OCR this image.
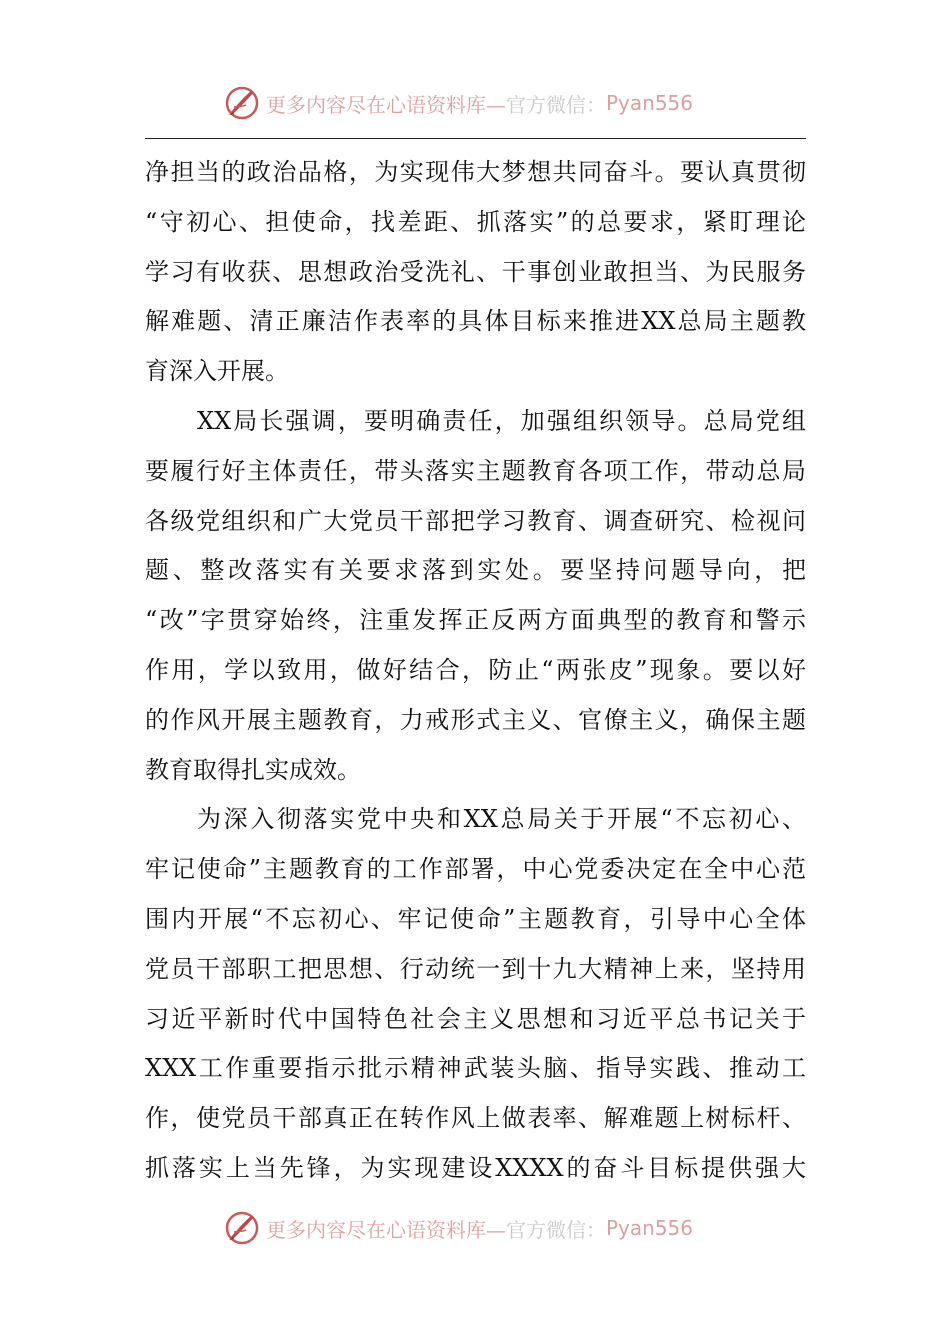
更多内容尽在心语资料库— 官方微信： Pyan556
净担当的政治品格，为实现伟大梦想共同奋斗。要认真贯彻
“守初心、担使命，找差距、抓落实”的总要求，紧盯理论
学习有收获、思想政治受洗礼、干事创业敢担当、为民服务
解难题、清正廉洁作表率的具体目标来推进XX总局主题教
育深入开展。
XX局长强调，要明确责任，加强组织领导。总局党组
要履行好主体责任，带头落实主题教育各项工作，带动总局
各级党组织和广大党员干部把学习教育、调查研究、检视问
题、整改落实有关要求落到实处。要坚持问题导向，把
“改”字贯穿始终，注重发挥正反两方面典型的教育和警示
作用，学以致用，做好结合，防止“两张皮”现象。要以好
的作风开展主题教育，力戒形式主义、官僚主义，确保主题
教育取得扎实成效。
为深入彻落实党中央和XX总局关于开展“不忘初心、
牢记使命”主题教育的工作部署，中心党委决定在全中心范
围内开展“不忘初心、牢记使命”主题教育，引导中心全体
党员干部职工把思想、行动统一到十九大精神上来，坚持用
习近平新时代中国特色社会主义思想和习近平总书记关于
XXX工作重要指示批示精神武装头脑、指导实践、推动工
作，使党员干部真正在转作风上做表率、解难题上树标杆、
抓落实上当先锋，为实现建设XXXX的奋斗目标提供强大
更多内容尽在心语资料库— 官方微信： Pyan556
